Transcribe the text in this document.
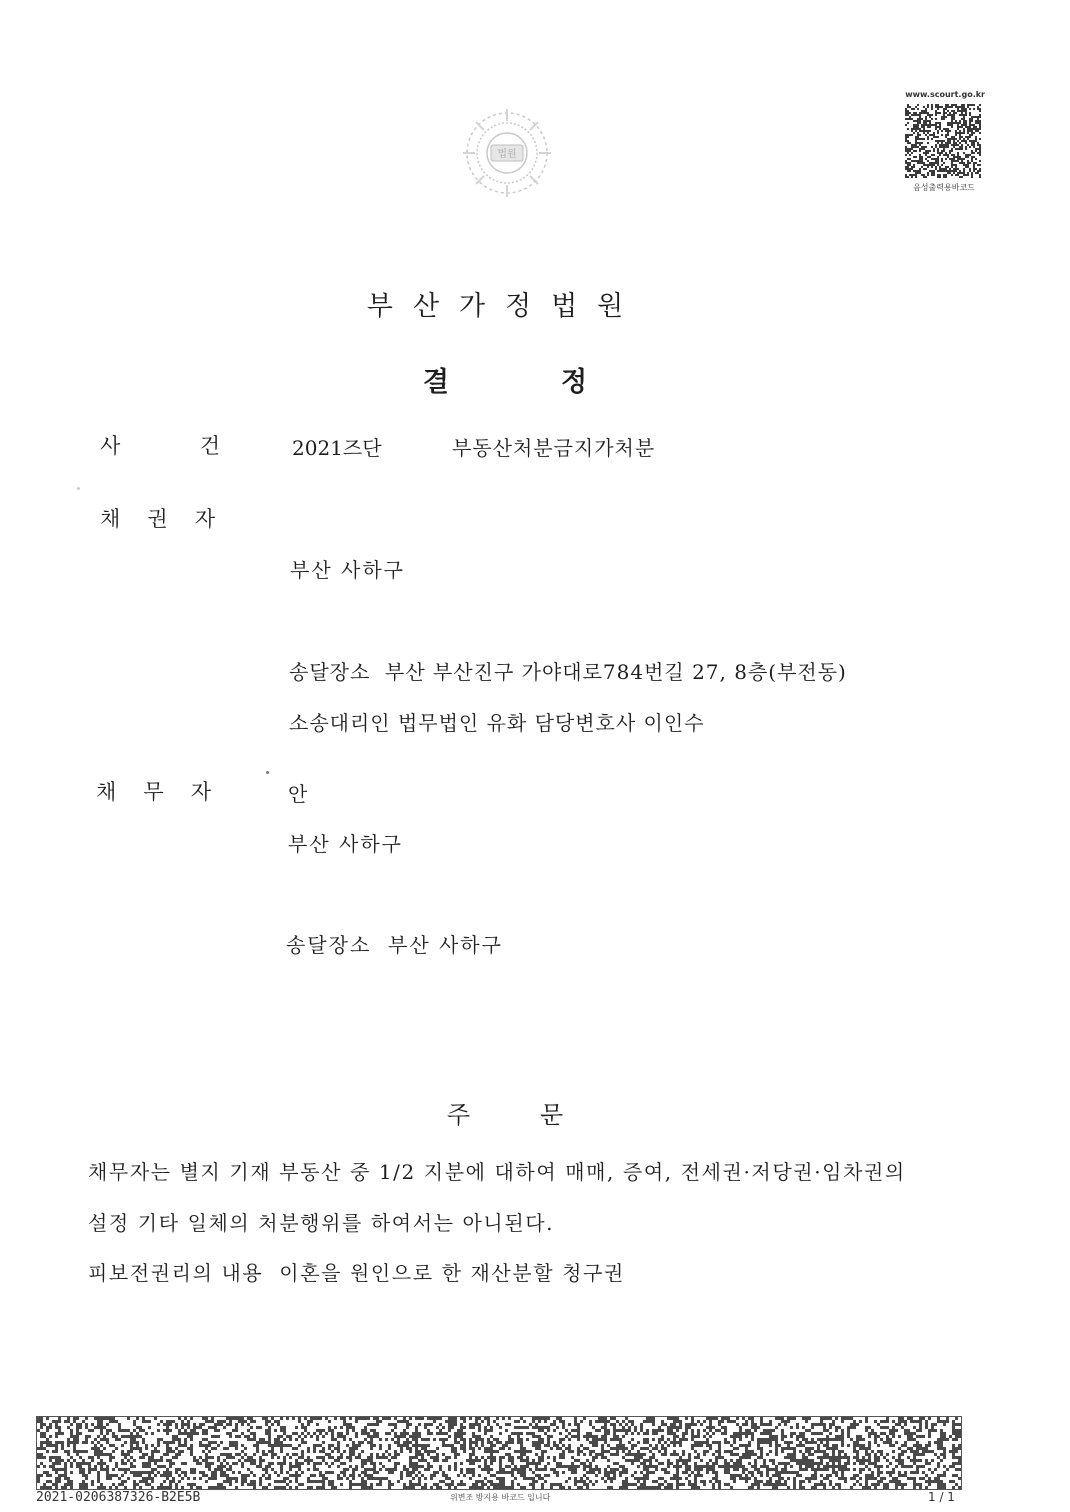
법원
www.scourt.go.kr
음성출력용바코드
부산가정법원
결정
사	건	2021즈단	부동산처분금지가처분
채 권 자
부산 사하구
송달장소  부산 부산진구 가야대로784번길 27, 8층(부전동)
소송대리인 법무법인 유화 담당변호사 이인수
채 무 자	안
부산 사하구
송달장소  부산 사하구
주문
채무자는 별지 기재 부동산 중 1/2 지분에 대하여 매매, 증여, 전세권·저당권·임차권의
설정 기타 일체의 처분행위를 하여서는 아니된다.
피보전권리의 내용  이혼을 원인으로 한 재산분할 청구권
2021-0206387326-B2E5B	위변조 방지용 바코드 입니다	1 / 1
